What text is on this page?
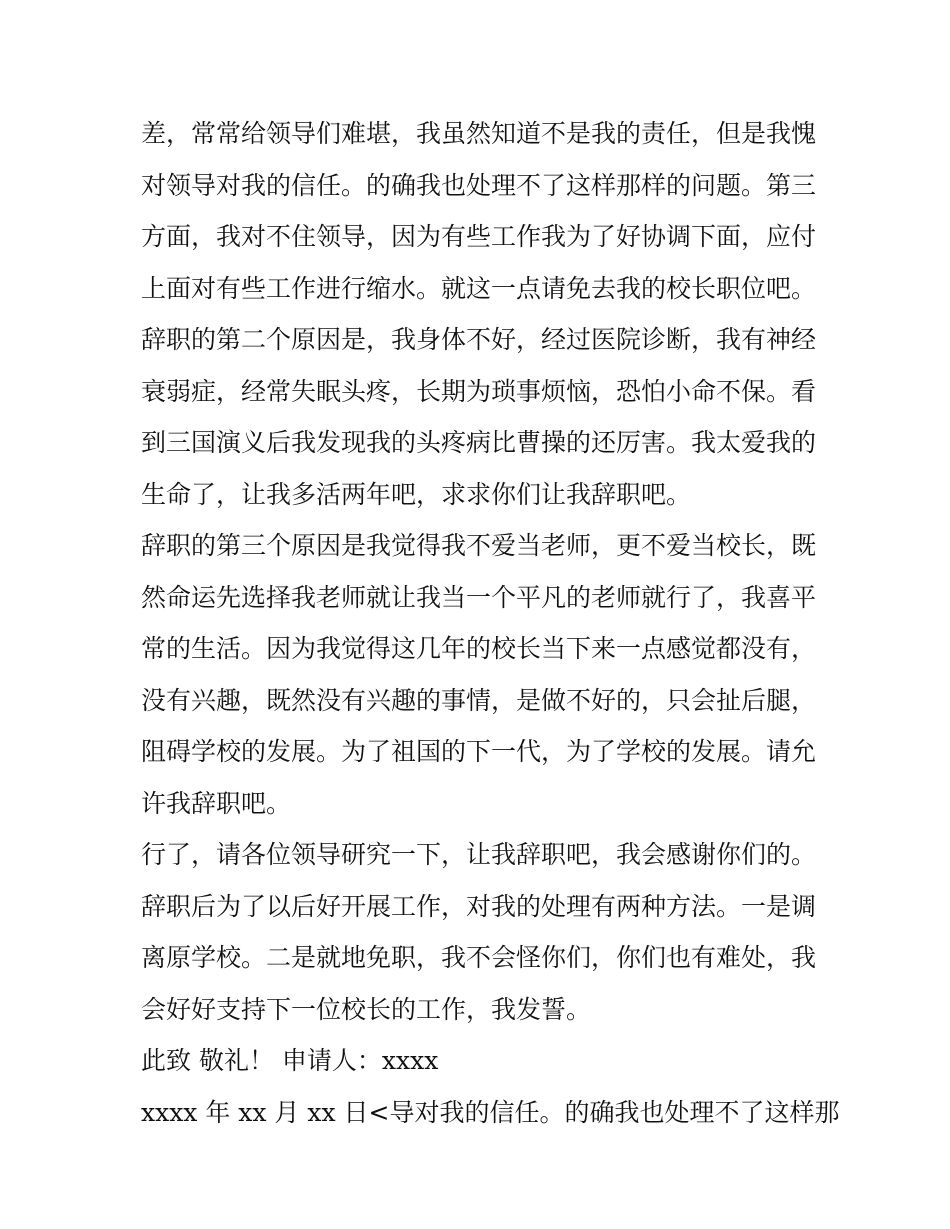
差，常常给领导们难堪，我虽然知道不是我的责任，但是我愧
对领导对我的信任。的确我也处理不了这样那样的问题。第三
方面，我对不住领导，因为有些工作我为了好协调下面，应付
上面对有些工作进行缩水。就这一点请免去我的校长职位吧。
辞职的第二个原因是，我身体不好，经过医院诊断，我有神经
衰弱症，经常失眠头疼，长期为琐事烦恼，恐怕小命不保。看
到三国演义后我发现我的头疼病比曹操的还厉害。我太爱我的
生命了，让我多活两年吧，求求你们让我辞职吧。
辞职的第三个原因是我觉得我不爱当老师，更不爱当校长，既
然命运先选择我老师就让我当一个平凡的老师就行了，我喜平
常的生活。因为我觉得这几年的校长当下来一点感觉都没有，
没有兴趣，既然没有兴趣的事情，是做不好的，只会扯后腿，
阻碍学校的发展。为了祖国的下一代，为了学校的发展。请允
许我辞职吧。
行了，请各位领导研究一下，让我辞职吧，我会感谢你们的。
辞职后为了以后好开展工作，对我的处理有两种方法。一是调
离原学校。二是就地免职，我不会怪你们，你们也有难处，我
会好好支持下一位校长的工作，我发誓。
此致 敬礼！ 申请人：xxxx
xxxx 年 xx 月 xx 日<导对我的信任。的确我也处理不了这样那
